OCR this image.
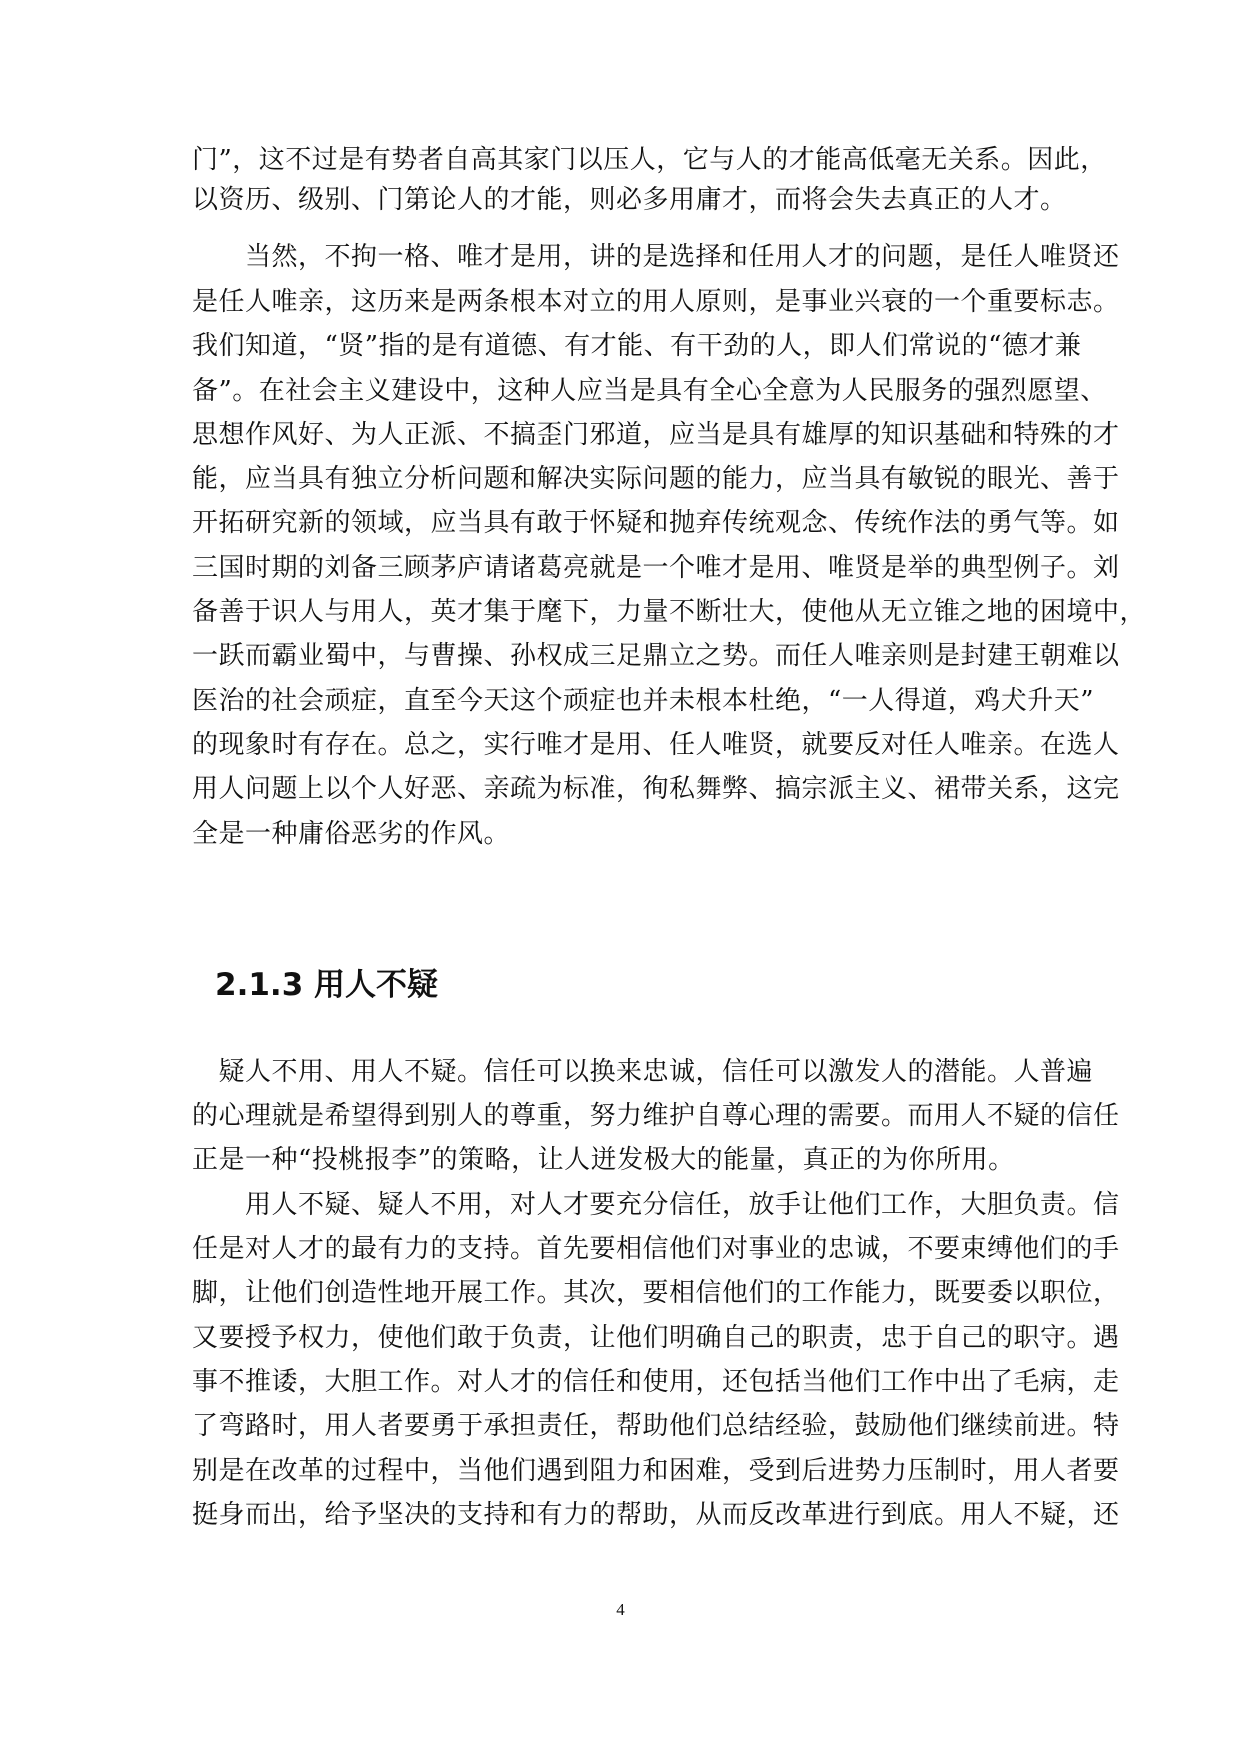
门”，这不过是有势者自高其家门以压人，它与人的才能高低毫无关系。因此，
以资历、级别、门第论人的才能，则必多用庸才，而将会失去真正的人才。
　　当然，不拘一格、唯才是用，讲的是选择和任用人才的问题，是任人唯贤还
是任人唯亲，这历来是两条根本对立的用人原则，是事业兴衰的一个重要标志。
我们知道，“贤”指的是有道德、有才能、有干劲的人，即人们常说的“德才兼
备”。在社会主义建设中，这种人应当是具有全心全意为人民服务的强烈愿望、
思想作风好、为人正派、不搞歪门邪道，应当是具有雄厚的知识基础和特殊的才
能，应当具有独立分析问题和解决实际问题的能力，应当具有敏锐的眼光、善于
开拓研究新的领域，应当具有敢于怀疑和抛弃传统观念、传统作法的勇气等。如
三国时期的刘备三顾茅庐请诸葛亮就是一个唯才是用、唯贤是举的典型例子。刘
备善于识人与用人，英才集于麾下，力量不断壮大，使他从无立锥之地的困境中，
一跃而霸业蜀中，与曹操、孙权成三足鼎立之势。而任人唯亲则是封建王朝难以
医治的社会顽症，直至今天这个顽症也并未根本杜绝，“一人得道，鸡犬升天”
的现象时有存在。总之，实行唯才是用、任人唯贤，就要反对任人唯亲。在选人
用人问题上以个人好恶、亲疏为标准，徇私舞弊、搞宗派主义、裙带关系，这完
全是一种庸俗恶劣的作风。
2.1.3 用人不疑
　疑人不用、用人不疑。信任可以换来忠诚，信任可以激发人的潜能。人普遍
的心理就是希望得到别人的尊重，努力维护自尊心理的需要。而用人不疑的信任
正是一种“投桃报李”的策略，让人迸发极大的能量，真正的为你所用。
　　用人不疑、疑人不用，对人才要充分信任，放手让他们工作，大胆负责。信
任是对人才的最有力的支持。首先要相信他们对事业的忠诚，不要束缚他们的手
脚，让他们创造性地开展工作。其次，要相信他们的工作能力，既要委以职位，
又要授予权力，使他们敢于负责，让他们明确自己的职责，忠于自己的职守。遇
事不推诿，大胆工作。对人才的信任和使用，还包括当他们工作中出了毛病，走
了弯路时，用人者要勇于承担责任，帮助他们总结经验，鼓励他们继续前进。特
别是在改革的过程中，当他们遇到阻力和困难，受到后进势力压制时，用人者要
挺身而出，给予坚决的支持和有力的帮助，从而反改革进行到底。用人不疑，还
4
